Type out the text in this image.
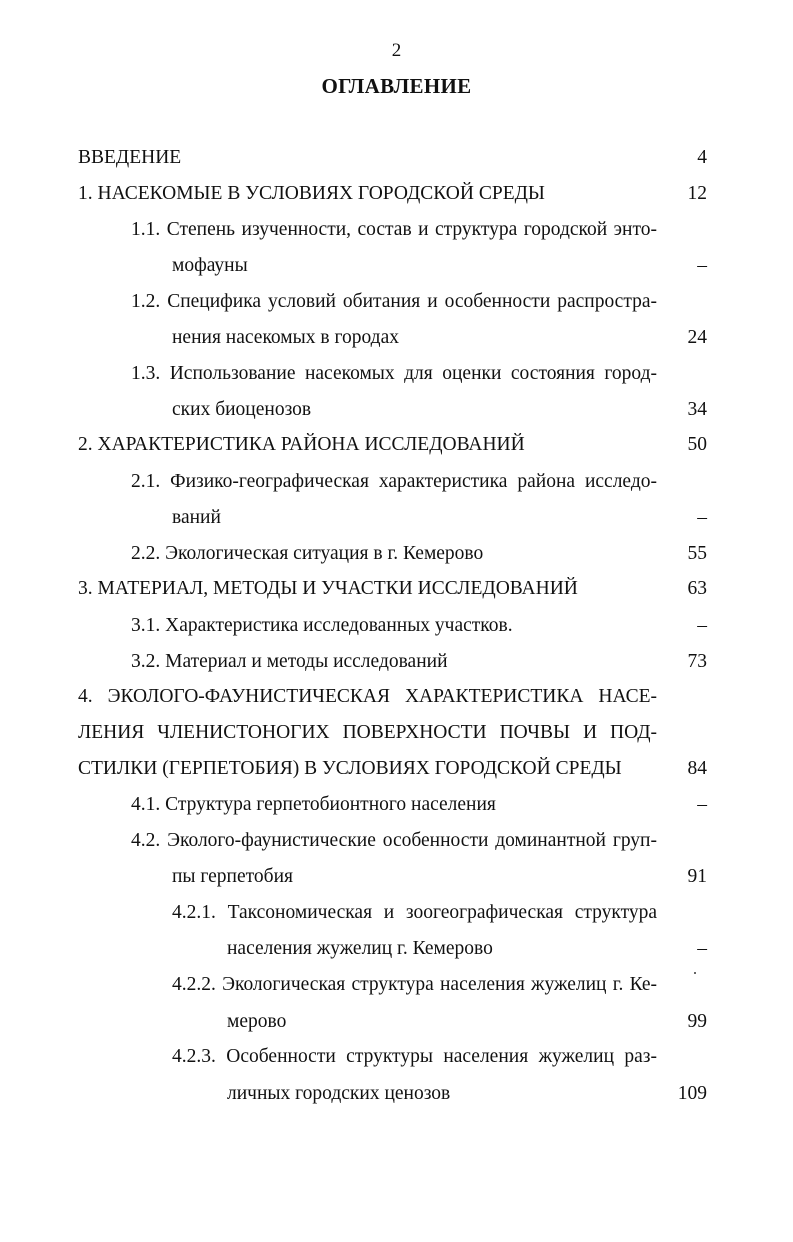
2
ОГЛАВЛЕНИЕ
ВВЕДЕНИЕ	4
1. НАСЕКОМЫЕ В УСЛОВИЯХ ГОРОДСКОЙ СРЕДЫ	12
1.1. Степень изученности, состав и структура городской энто-
мофауны	–
1.2. Специфика условий обитания и особенности распростра-
нения насекомых в городах	24
1.3. Использование насекомых для оценки состояния город-
ских биоценозов	34
2. ХАРАКТЕРИСТИКА РАЙОНА ИССЛЕДОВАНИЙ	50
2.1. Физико-географическая характеристика района исследо-
ваний	–
2.2. Экологическая ситуация в г. Кемерово	55
3. МАТЕРИАЛ, МЕТОДЫ И УЧАСТКИ ИССЛЕДОВАНИЙ	63
3.1. Характеристика исследованных участков.	–
3.2. Материал и методы исследований	73
4. ЭКОЛОГО-ФАУНИСТИЧЕСКАЯ ХАРАКТЕРИСТИКА НАСЕ-
ЛЕНИЯ ЧЛЕНИСТОНОГИХ ПОВЕРХНОСТИ ПОЧВЫ И ПОД-
СТИЛКИ (ГЕРПЕТОБИЯ) В УСЛОВИЯХ ГОРОДСКОЙ СРЕДЫ	84
4.1. Структура герпетобионтного населения	–
4.2. Эколого-фаунистические особенности доминантной груп-
пы герпетобия	91
4.2.1. Таксономическая и зоогеографическая структура
населения жужелиц г. Кемерово	–
4.2.2. Экологическая структура населения жужелиц г. Ке-
мерово	99
4.2.3. Особенности структуры населения жужелиц раз-
личных городских ценозов	109
